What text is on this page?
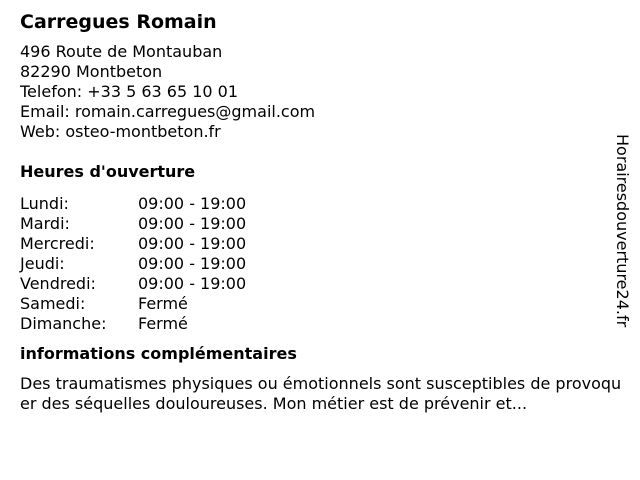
Carregues Romain
496 Route de Montauban
82290 Montbeton
Telefon: +33 5 63 65 10 01
Email: romain.carregues@gmail.com
Web: osteo-montbeton.fr
Heures d'ouverture
Lundi:	09:00 - 19:00
Mardi:	09:00 - 19:00
Mercredi:	09:00 - 19:00
Jeudi:	09:00 - 19:00
Vendredi:	09:00 - 19:00
Samedi:	Fermé
Dimanche:	Fermé
informations complémentaires

Des traumatismes physiques ou émotionnels sont susceptibles de provoquer des séquelles douloureuses. Mon métier est de prévenir et...

Horairesdouverture24.fr
